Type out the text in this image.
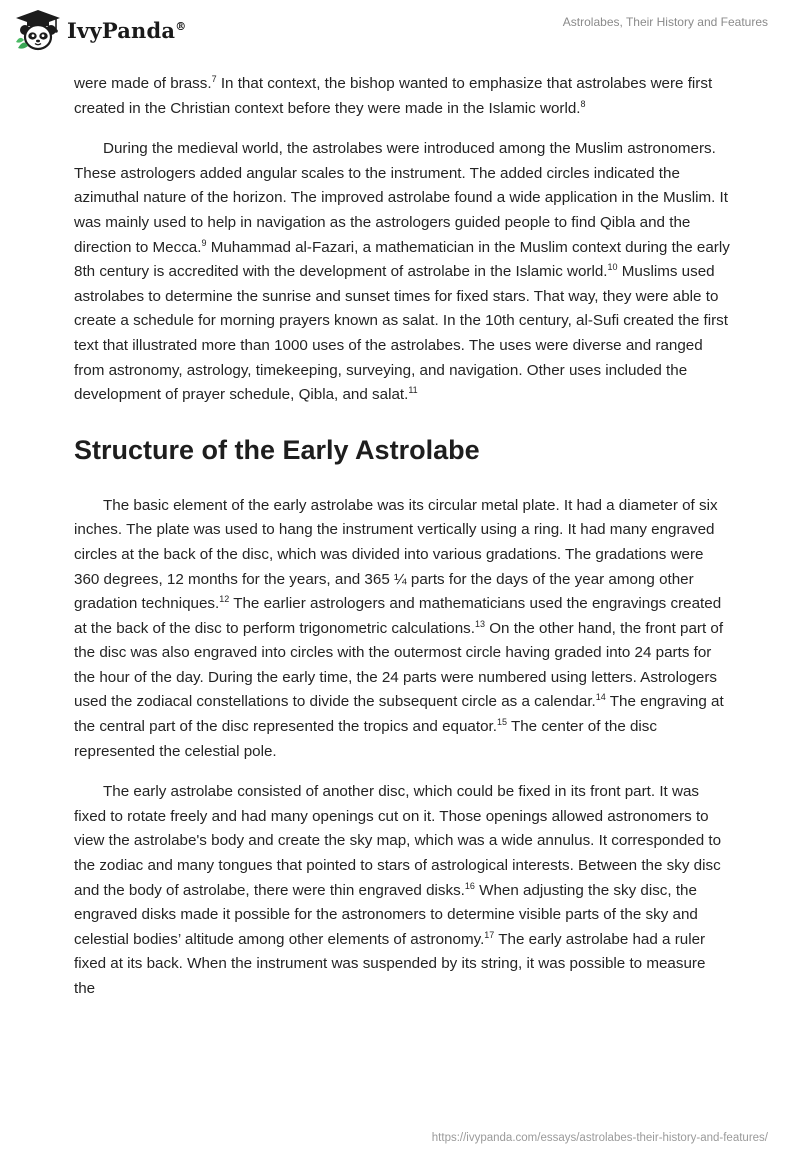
IvyPanda®	Astrolabes, Their History and Features

were made of brass.$^7$ In that context, the bishop wanted to emphasize that astrolabes were first created in the Christian context before they were made in the Islamic world.$^8$

During the medieval world, the astrolabes were introduced among the Muslim astronomers. These astrologers added angular scales to the instrument. The added circles indicated the azimuthal nature of the horizon. The improved astrolabe found a wide application in the Muslim. It was mainly used to help in navigation as the astrologers guided people to find Qibla and the direction to Mecca.$^9$ Muhammad al-Fazari, a mathematician in the Muslim context during the early 8th century is accredited with the development of astrolabe in the Islamic world.$^{10}$ Muslims used astrolabes to determine the sunrise and sunset times for fixed stars. That way, they were able to create a schedule for morning prayers known as salat. In the 10th century, al-Sufi created the first text that illustrated more than 1000 uses of the astrolabes. The uses were diverse and ranged from astronomy, astrology, timekeeping, surveying, and navigation. Other uses included the development of prayer schedule, Qibla, and salat.$^{11}$

Structure of the Early Astrolabe

The basic element of the early astrolabe was its circular metal plate. It had a diameter of six inches. The plate was used to hang the instrument vertically using a ring. It had many engraved circles at the back of the disc, which was divided into various gradations. The gradations were 360 degrees, 12 months for the years, and 365 ¼ parts for the days of the year among other gradation techniques.$^{12}$ The earlier astrologers and mathematicians used the engravings created at the back of the disc to perform trigonometric calculations.$^{13}$ On the other hand, the front part of the disc was also engraved into circles with the outermost circle having graded into 24 parts for the hour of the day. During the early time, the 24 parts were numbered using letters. Astrologers used the zodiacal constellations to divide the subsequent circle as a calendar.$^{14}$ The engraving at the central part of the disc represented the tropics and equator.$^{15}$ The center of the disc represented the celestial pole.

The early astrolabe consisted of another disc, which could be fixed in its front part. It was fixed to rotate freely and had many openings cut on it. Those openings allowed astronomers to view the astrolabe's body and create the sky map, which was a wide annulus. It corresponded to the zodiac and many tongues that pointed to stars of astrological interests. Between the sky disc and the body of astrolabe, there were thin engraved disks.$^{16}$ When adjusting the sky disc, the engraved disks made it possible for the astronomers to determine visible parts of the sky and celestial bodies’ altitude among other elements of astronomy.$^{17}$ The early astrolabe had a ruler fixed at its back. When the instrument was suspended by its string, it was possible to measure the

https://ivypanda.com/essays/astrolabes-their-history-and-features/
